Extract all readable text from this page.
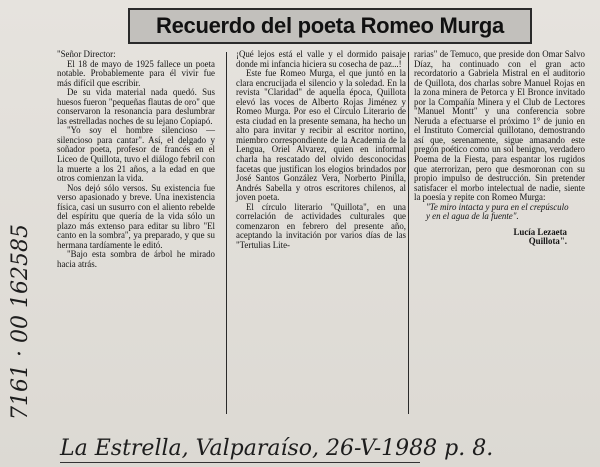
Recuerdo del poeta Romeo Murga
7161 · 00 162585

"Señor Director:

El 18 de mayo de 1925 fallece un poeta notable. Probablemente para él vivir fue más difícil que escribir.

De su vida material nada quedó. Sus huesos fueron "pequeñas flautas de oro" que conservaron la resonancia para deslumbrar las estrelladas noches de su lejano Copiapó.

"Yo soy el hombre silencioso —silencioso para cantar". Así, el delgado y soñador poeta, profesor de francés en el Liceo de Quillota, tuvo el diálogo febril con la muerte a los 21 años, a la edad en que otros comienzan la vida.

Nos dejó sólo versos. Su existencia fue verso apasionado y breve. Una inexistencia física, casi un susurro con el aliento rebelde del espíritu que quería de la vida sólo un plazo más extenso para editar su libro "El canto en la sombra", ya preparado, y que su hermana tardíamente le editó.

"Bajo esta sombra de árbol he mirado hacia atrás.

¡Qué lejos está el valle y el dormido paisaje donde mi infancia hiciera su cosecha de paz...!

Este fue Romeo Murga, el que juntó en la clara encrucijada el silencio y la soledad. En la revista "Claridad" de aquella época, Quillota elevó las voces de Alberto Rojas Jiménez y Romeo Murga. Por eso el Círculo Literario de esta ciudad en la presente semana, ha hecho un alto para invitar y recibir al escritor nortino, miembro correspondiente de la Academia de la Lengua, Oriel Alvarez, quien en informal charla ha rescatado del olvido desconocidas facetas que justifican los elogios brindados por José Santos González Vera, Norberto Pinilla, Andrés Sabella y otros escritores chilenos, al joven poeta.

El círculo literario "Quillota", en una correlación de actividades culturales que comenzaron en febrero del presente año, aceptando la invitación por varios días de las "Tertulias Lite-

rarias" de Temuco, que preside don Omar Salvo Díaz, ha continuado con el gran acto recordatorio a Gabriela Mistral en el auditorio de Quillota, dos charlas sobre Manuel Rojas en la zona minera de Petorca y El Bronce invitado por la Compañía Minera y el Club de Lectores "Manuel Montt" y una conferencia sobre Neruda a efectuarse el próximo 1° de junio en el Instituto Comercial quillotano, demostrando así que, serenamente, sigue amasando este pregón poético como un sol benigno, verdadero Poema de la Fiesta, para espantar los rugidos que aterrorizan, pero que desmoronan con su propio impulso de destrucción. Sin pretender satisfacer el morbo intelectual de nadie, siente la poesía y repite con Romeo Murga:

"Te miro intacta y pura en el crepúsculo

y en el agua de la fuente".

Lucía Lezaeta

Quillota".

La Estrella, Valparaíso, 26-V-1988 p. 8.
